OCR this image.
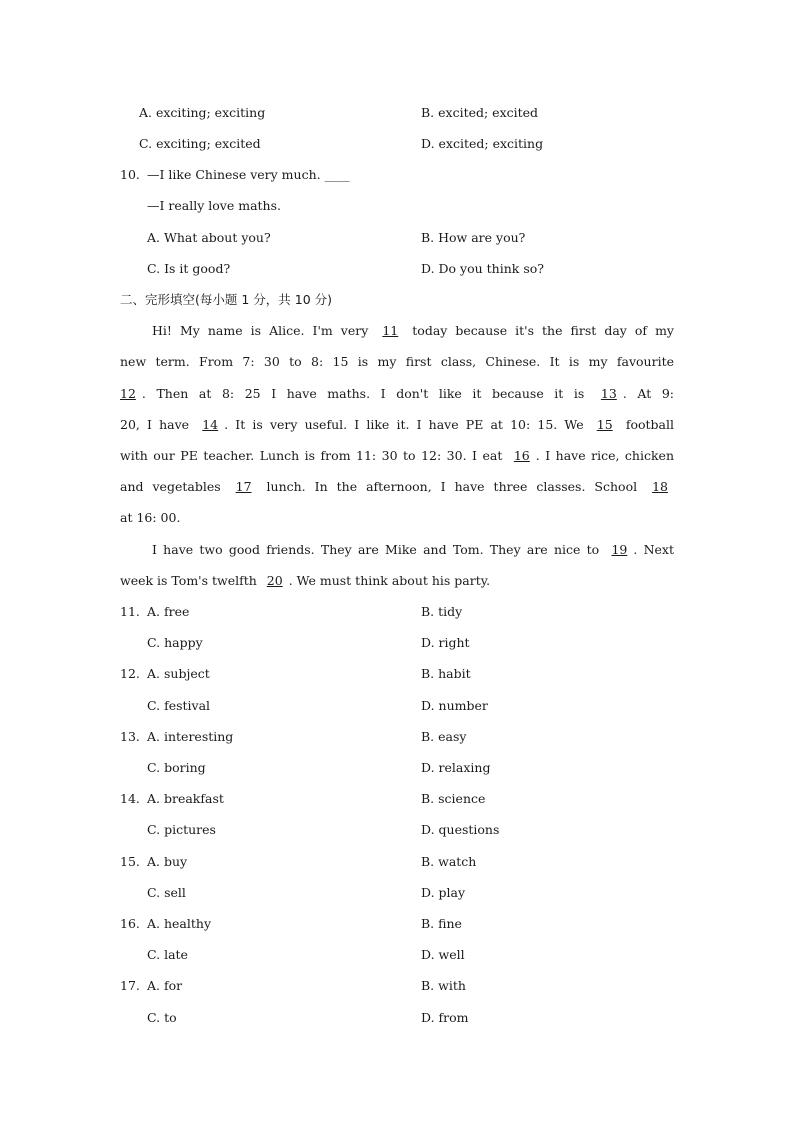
A. exciting; exciting	B. excited; excited
C. exciting; excited	D. excited; exciting
10. —I like Chinese very much. ____
—I really love maths.
A. What about you?	B. How are you?
C. Is it good?	D. Do you think so?
二、完形填空(每小题 1 分，共 10 分)
Hi! My name is Alice. I'm very 11 today because it's the first day of my
new term. From 7: 30 to 8: 15 is my first class, Chinese. It is my favourite
12 . Then at 8: 25 I have maths. I don't like it because it is 13 . At 9:
20, I have 14 . It is very useful. I like it. I have PE at 10: 15. We 15 football
with our PE teacher. Lunch is from 11: 30 to 12: 30. I eat 16 . I have rice, chicken
and vegetables 17 lunch. In the afternoon, I have three classes. School 18
at 16: 00.
I have two good friends. They are Mike and Tom. They are nice to 19 . Next
week is Tom's twelfth 20 . We must think about his party.
11. A. free	B. tidy
C. happy	D. right
12. A. subject	B. habit
C. festival	D. number
13. A. interesting	B. easy
C. boring	D. relaxing
14. A. breakfast	B. science
C. pictures	D. questions
15. A. buy	B. watch
C. sell	D. play
16. A. healthy	B. fine
C. late	D. well
17. A. for	B. with
C. to	D. from
